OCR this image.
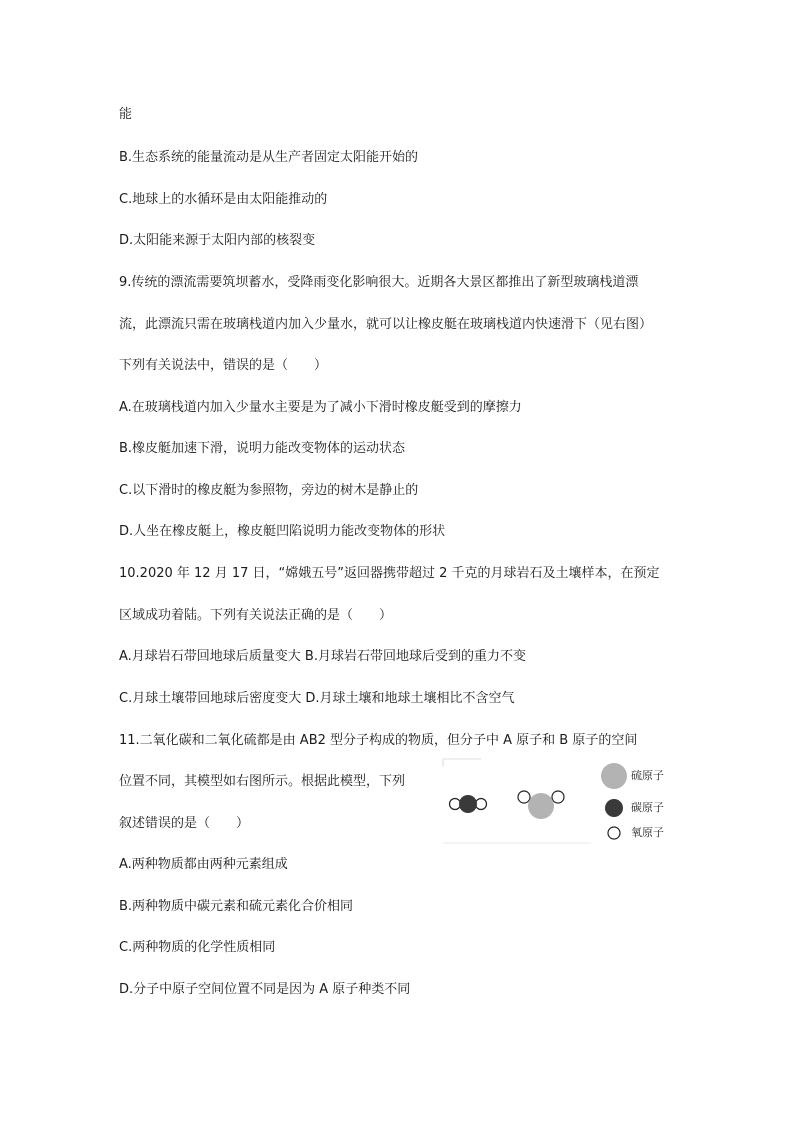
能
B.生态系统的能量流动是从生产者固定太阳能开始的
C.地球上的水循环是由太阳能推动的
D.太阳能来源于太阳内部的核裂变
9.传统的漂流需要筑坝蓄水，受降雨变化影响很大。近期各大景区都推出了新型玻璃栈道漂
流，此漂流只需在玻璃栈道内加入少量水，就可以让橡皮艇在玻璃栈道内快速滑下（见右图）
下列有关说法中，错误的是（　　）
A.在玻璃栈道内加入少量水主要是为了减小下滑时橡皮艇受到的摩擦力
B.橡皮艇加速下滑，说明力能改变物体的运动状态
C.以下滑时的橡皮艇为参照物，旁边的树木是静止的
D.人坐在橡皮艇上，橡皮艇凹陷说明力能改变物体的形状
10.2020 年 12 月 17 日，“嫦娥五号”返回器携带超过 2 千克的月球岩石及土壤样本，在预定
区域成功着陆。下列有关说法正确的是（　　）
A.月球岩石带回地球后质量变大 B.月球岩石带回地球后受到的重力不变
C.月球土壤带回地球后密度变大 D.月球土壤和地球土壤相比不含空气
11.二氧化碳和二氧化硫都是由 AB2 型分子构成的物质，但分子中 A 原子和 B 原子的空间
位置不同，其模型如右图所示。根据此模型，下列
叙述错误的是（　　）
A.两种物质都由两种元素组成
B.两种物质中碳元素和硫元素化合价相同
C.两种物质的化学性质相同
D.分子中原子空间位置不同是因为 A 原子种类不同
硫原子
碳原子
氧原子
